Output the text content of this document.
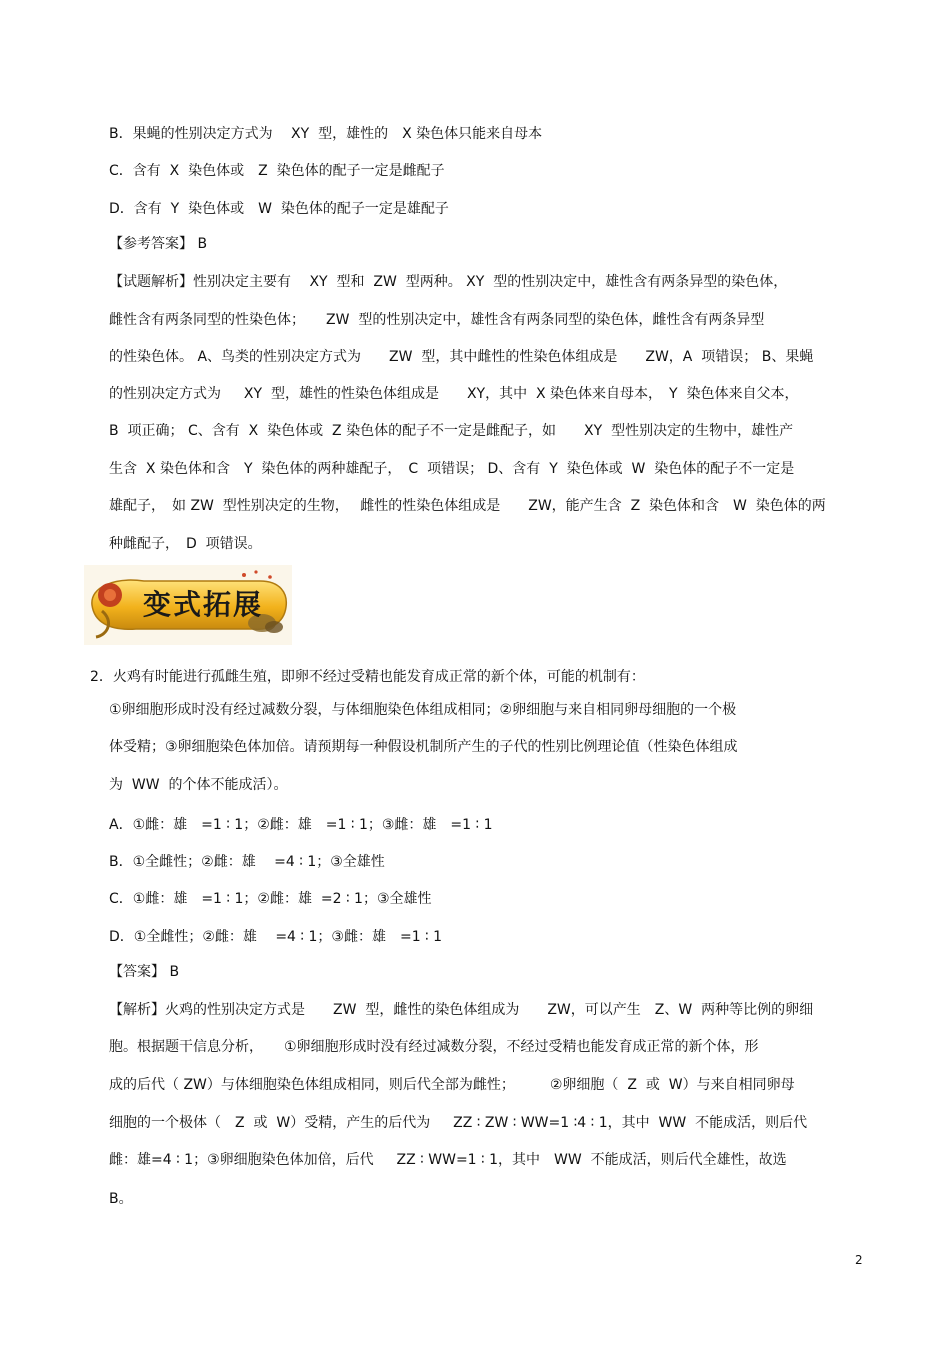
B．果蝇的性别决定方式为　 XY  型，雄性的　X 染色体只能来自母本
C．含有  X  染色体或　Z  染色体的配子一定是雌配子
D．含有  Y  染色体或　W  染色体的配子一定是雄配子
【参考答案】 B
【试题解析】性别决定主要有　 XY  型和  ZW  型两种。 XY  型的性别决定中，雄性含有两条异型的染色体，
雌性含有两条同型的性染色体；　　ZW  型的性别决定中，雄性含有两条同型的染色体，雌性含有两条异型
的性染色体。 A、鸟类的性别决定方式为　　ZW  型，其中雌性的性染色体组成是　　ZW，A  项错误； B、果蝇
的性别决定方式为　  XY  型，雄性的性染色体组成是　　XY，其中  X 染色体来自母本，　Y  染色体来自父本，
B  项正确； C、含有  X  染色体或  Z 染色体的配子不一定是雌配子，如　　XY  型性别决定的生物中，雄性产
生含  X 染色体和含　Y  染色体的两种雄配子，　C  项错误； D、含有  Y  染色体或  W  染色体的配子不一定是
雄配子，　如 ZW  型性别决定的生物，　 雌性的性染色体组成是　　ZW，能产生含  Z  染色体和含　W  染色体的两
种雌配子，　D  项错误。
变式拓展
2．火鸡有时能进行孤雌生殖，即卵不经过受精也能发育成正常的新个体，可能的机制有：
①卵细胞形成时没有经过减数分裂，与体细胞染色体组成相同；②卵细胞与来自相同卵母细胞的一个极
体受精；③卵细胞染色体加倍。请预期每一种假设机制所产生的子代的性别比例理论值（性染色体组成
为  WW  的个体不能成活）。
A．①雌：雄　=1 ∶ 1；②雌：雄　=1 ∶ 1；③雌：雄　=1 ∶ 1
B．①全雌性；②雌：雄　 =4 ∶ 1；③全雄性
C．①雌：雄　=1 ∶ 1；②雌：雄  =2 ∶ 1；③全雄性
D．①全雌性；②雌：雄　 =4 ∶ 1；③雌：雄　=1 ∶ 1
【答案】 B
【解析】火鸡的性别决定方式是　　ZW  型，雌性的染色体组成为　　ZW，可以产生　Z、W  两种等比例的卵细
胞。根据题干信息分析，　　①卵细胞形成时没有经过减数分裂，不经过受精也能发育成正常的新个体，形
成的后代（ ZW）与体细胞染色体组成相同，则后代全部为雌性；　　　②卵细胞（  Z  或  W）与来自相同卵母
细胞的一个极体（　Z  或  W）受精，产生的后代为　  ZZ ∶ ZW ∶ WW=1 ∶4 ∶ 1，其中  WW  不能成活，则后代
雌：雄=4 ∶ 1；③卵细胞染色体加倍，后代　  ZZ ∶ WW=1 ∶ 1，其中　WW  不能成活，则后代全雄性，故选
B。
2
